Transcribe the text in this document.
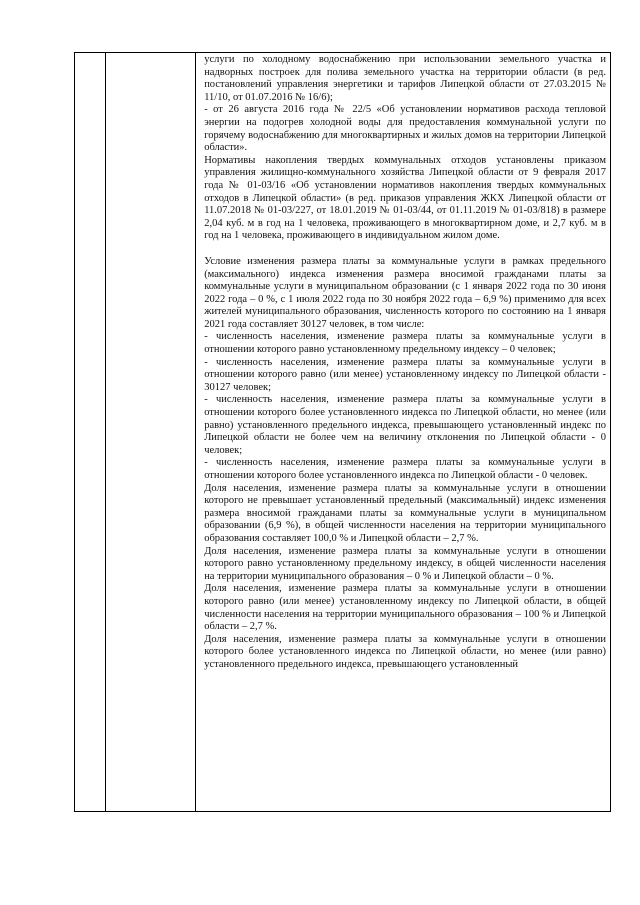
услуги по холодному водоснабжению при использовании земельного участка и надворных построек для полива земельного участка на территории области (в ред. постановлений управления энергетики и тарифов Липецкой области от 27.03.2015 № 11/10, от 01.07.2016 № 16/6);

- от 26 августа 2016 года № 22/5 «Об установлении нормативов расхода тепловой энергии на подогрев холодной воды для предоставления коммунальной услуги по горячему водоснабжению для многоквартирных и жилых домов на территории Липецкой области».

Нормативы накопления твердых коммунальных отходов установлены приказом управления жилищно-коммунального хозяйства Липецкой области от 9 февраля 2017 года № 01-03/16 «Об установлении нормативов накопления твердых коммунальных отходов в Липецкой области» (в ред. приказов управления ЖКХ Липецкой области от 11.07.2018 № 01-03/227, от 18.01.2019 № 01-03/44, от 01.11.2019 № 01-03/818) в размере 2,04 куб. м в год на 1 человека, проживающего в многоквартирном доме, и 2,7 куб. м в год на 1 человека, проживающего в индивидуальном жилом доме.

Условие изменения размера платы за коммунальные услуги в рамках предельного (максимального) индекса изменения размера вносимой гражданами платы за коммунальные услуги в муниципальном образовании (с 1 января 2022 года по 30 июня 2022 года – 0 %, с 1 июля 2022 года по 30 ноября 2022 года – 6,9 %) применимо для всех жителей муниципального образования, численность которого по состоянию на 1 января 2021 года составляет 30127 человек, в том числе:

- численность населения, изменение размера платы за коммунальные услуги в отношении которого равно установленному предельному индексу – 0 человек;

- численность населения, изменение размера платы за коммунальные услуги в отношении которого равно (или менее) установленному индексу по Липецкой области - 30127 человек;

- численность населения, изменение размера платы за коммунальные услуги в отношении которого более установленного индекса по Липецкой области, но менее (или равно) установленного предельного индекса, превышающего установленный индекс по Липецкой области не более чем на величину отклонения по Липецкой области - 0 человек;

- численность населения, изменение размера платы за коммунальные услуги в отношении которого более установленного индекса по Липецкой области - 0 человек.

Доля населения, изменение размера платы за коммунальные услуги в отношении которого не превышает установленный предельный (максимальный) индекс изменения размера вносимой гражданами платы за коммунальные услуги в муниципальном образовании (6,9 %), в общей численности населения на территории муниципального образования составляет 100,0 % и Липецкой области – 2,7 %.

Доля населения, изменение размера платы за коммунальные услуги в отношении которого равно установленному предельному индексу, в общей численности населения на территории муниципального образования – 0 % и Липецкой области – 0 %.

Доля населения, изменение размера платы за коммунальные услуги в отношении которого равно (или менее) установленному индексу по Липецкой области, в общей численности населения на территории муниципального образования – 100 % и Липецкой области – 2,7 %.

Доля населения, изменение размера платы за коммунальные услуги в отношении которого более установленного индекса по Липецкой области, но менее (или равно) установленного предельного индекса, превышающего установленный
